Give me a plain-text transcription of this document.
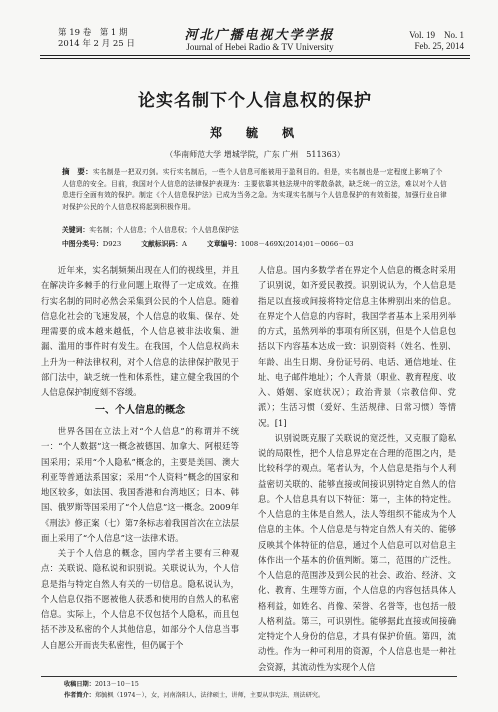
第 19 卷　第 1 期
2014 年 2 月 25 日
河北广播电视大学学报
Journal of Hebei Radio & TV University
Vol. 19　No. 1
Feb. 25, 2014
论实名制下个人信息权的保护
郑　毓　枫
（华南师范大学 增城学院，广东 广州　511363）
摘　要：实名制是一把双刃剑。实行实名制后，一些个人信息可能被用于盈利目的。但是，实名制也是一定程度上影响了个人信息的安全。目前，我国对个人信息的法律保护表现为：主要依靠其他法规中的零散条款，缺乏统一的立法，难以对个人信息进行全面有效的保护。制定《个人信息保护法》已成为当务之急。为实现实名制与个人信息保护的有效衔接，加强行业自律对保护公民的个人信息权将起到积极作用。
关键词：实名制；个人信息；个人信息权；个人信息保护法
中图分类号：D923	文献标识码：A	文章编号：1008－469X(2014)01－0066－03

近年来，实名制频频出现在人们的视线里，并且在解决许多棘手的行业问题上取得了一定成效。在推行实名制的同时必然会采集到公民的个人信息。随着信息化社会的飞速发展，个人信息的收集、保存、处理需要的成本越来越低，个人信息被非法收集、泄漏、滥用的事件时有发生。在我国，个人信息权尚未上升为一种法律权利，对个人信息的法律保护散见于部门法中，缺乏统一性和体系性，建立健全我国的个人信息保护制度刻不容缓。

一、个人信息的概念

世界各国在立法上对“个人信息”的称谓并不统一：“个人数据”这一概念被德国、加拿大、阿根廷等国采用；采用“个人隐私”概念的，主要是美国、澳大利亚等普通法系国家；采用“个人资料”概念的国家和地区较多，如法国、我国香港和台湾地区；日本、韩国、俄罗斯等国采用了“个人信息”这一概念。2009年《刑法》修正案（七）第7条标志着我国首次在立法层面上采用了“个人信息”这一法律术语。

关于个人信息的概念，国内学者主要有三种观点：关联说、隐私说和识别说。关联说认为，个人信息是指与特定自然人有关的一切信息。隐私说认为，个人信息仅指不愿被他人获悉和使用的自然人的私密信息。实际上，个人信息不仅包括个人隐私，而且包括不涉及私密的个人其他信息，如部分个人信息当事人自愿公开而丧失私密性，但仍属于个

人信息。国内多数学者在界定个人信息的概念时采用了识别说，如齐爱民教授。识别说认为，个人信息是指足以直接或间接将特定信息主体辨别出来的信息。在界定个人信息的内容时，我国学者基本上采用列举的方式，虽然列举的事项有所区别，但是个人信息包括以下内容基本达成一致：识别资料（姓名、性别、年龄、出生日期、身份证号码、电话、通信地址、住址、电子邮件地址）；个人背景（职业、教育程度、收入、婚姻、家庭状况）；政治背景（宗教信仰、党派）；生活习惯（爱好、生活规律、日常习惯）等情况。[1]

识别说既克服了关联说的宽泛性，又克服了隐私说的局限性，把个人信息界定在合理的范围之内，是比较科学的观点。笔者认为，个人信息是指与个人利益密切关联的、能够直接或间接识别特定自然人的信息。个人信息具有以下特征：第一，主体的特定性。个人信息的主体是自然人，法人等组织不能成为个人信息的主体。个人信息是与特定自然人有关的、能够反映其个体特征的信息，通过个人信息可以对信息主体作出一个基本的价值判断。第二，范围的广泛性。个人信息的范围涉及到公民的社会、政治、经济、文化、教育、生理等方面，个人信息的内容包括具体人格利益，如姓名、肖像、荣誉、名誉等，也包括一般人格利益。第三，可识别性。能够据此直接或间接确定特定个人身份的信息，才具有保护价值。第四，流动性。作为一种可利用的资源，个人信息也是一种社会资源，其流动性为实现个人信

收稿日期：2013－10－15
作者简介：郑毓枫（1974－），女，河南洛阳人，法律硕士，讲师，主要从事宪法、刑法研究。
